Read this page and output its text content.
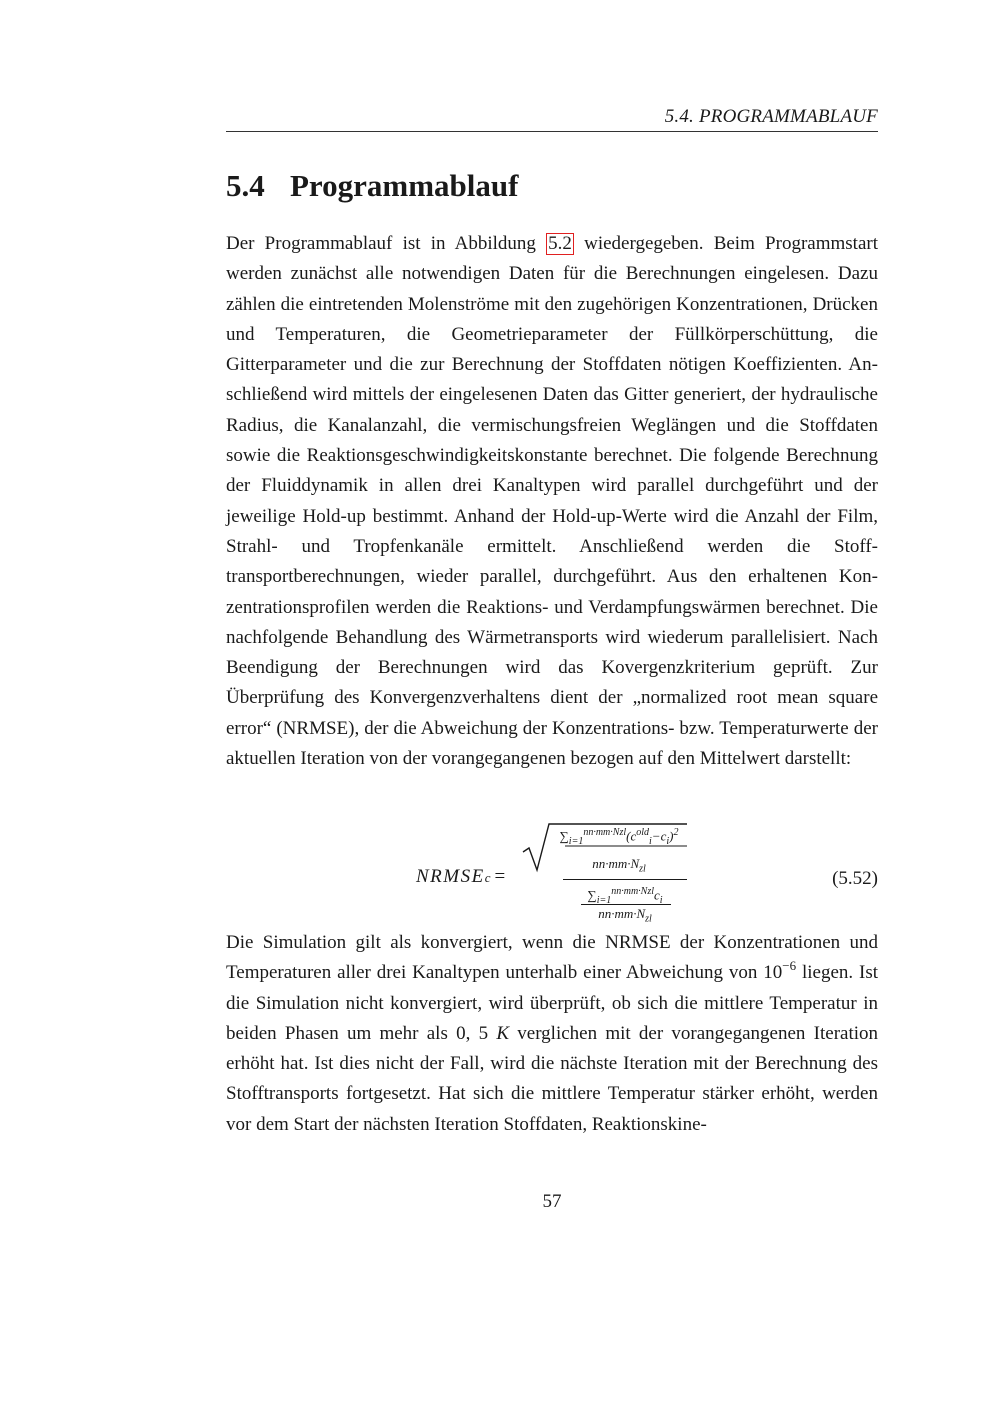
5.4. PROGRAMMABLAUF
5.4 Programmablauf

Der Programmablauf ist in Abbildung 5.2 wiedergegeben. Beim Programmstart werden zunächst alle notwendigen Daten für die Berechnungen eingelesen. Dazu zählen die eintretenden Molenströme mit den zugehörigen Konzentrationen, Drücken und Temperaturen, die Geometrieparameter der Füllkörperschüttung, die Gitterparameter und die zur Berechnung der Stoffdaten nötigen Koeffizienten. Anschließend wird mittels der eingelesenen Daten das Gitter generiert, der hydraulische Radius, die Kanalanzahl, die vermischungsfreien Weglängen und die Stoffdaten sowie die Reaktionsgeschwindigkeitskonstante berechnet. Die folgende Berechnung der Fluiddynamik in allen drei Kanaltypen wird parallel durchgeführt und der jeweilige Hold-up bestimmt. Anhand der Hold-up-Werte wird die Anzahl der Film, Strahl- und Tropfenkanäle ermittelt. Anschließend werden die Stofftransportberechnungen, wieder parallel, durchgeführt. Aus den erhaltenen Konzentrationsprofilen werden die Reaktions- und Verdampfungswärmen berechnet. Die nachfolgende Behandlung des Wärmetransports wird wiederum parallelisiert. Nach Beendigung der Berechnungen wird das Kovergenzkriterium geprüft. Zur Überprüfung des Konvergenzverhaltens dient der „normalized root mean square error“ (NRMSE), der die Abweichung der Konzentrations- bzw. Temperaturwerte der aktuellen Iteration von der vorangegangenen bezogen auf den Mittelwert darstellt:

NRMSEc =
$\sum_{i=1}^{nn\cdot mm\cdot Nzl}(c^{old}_i-c_i)^2$
$nn\cdot mm\cdot N_{zl}$
$\sum_{i=1}^{nn\cdot mm\cdot Nzl}c_i$
$nn\cdot mm\cdot N_{zl}$
(5.52)

Die Simulation gilt als konvergiert, wenn die NRMSE der Konzentrationen und Temperaturen aller drei Kanaltypen unterhalb einer Abweichung von $10^{-6}$ liegen. Ist die Simulation nicht konvergiert, wird überprüft, ob sich die mittlere Temperatur in beiden Phasen um mehr als 0, 5 K verglichen mit der vorangegangenen Iteration erhöht hat. Ist dies nicht der Fall, wird die nächste Iteration mit der Berechnung des Stofftransports fortgesetzt. Hat sich die mittlere Temperatur stärker erhöht, werden vor dem Start der nächsten Iteration Stoffdaten, Reaktionskine-

57
